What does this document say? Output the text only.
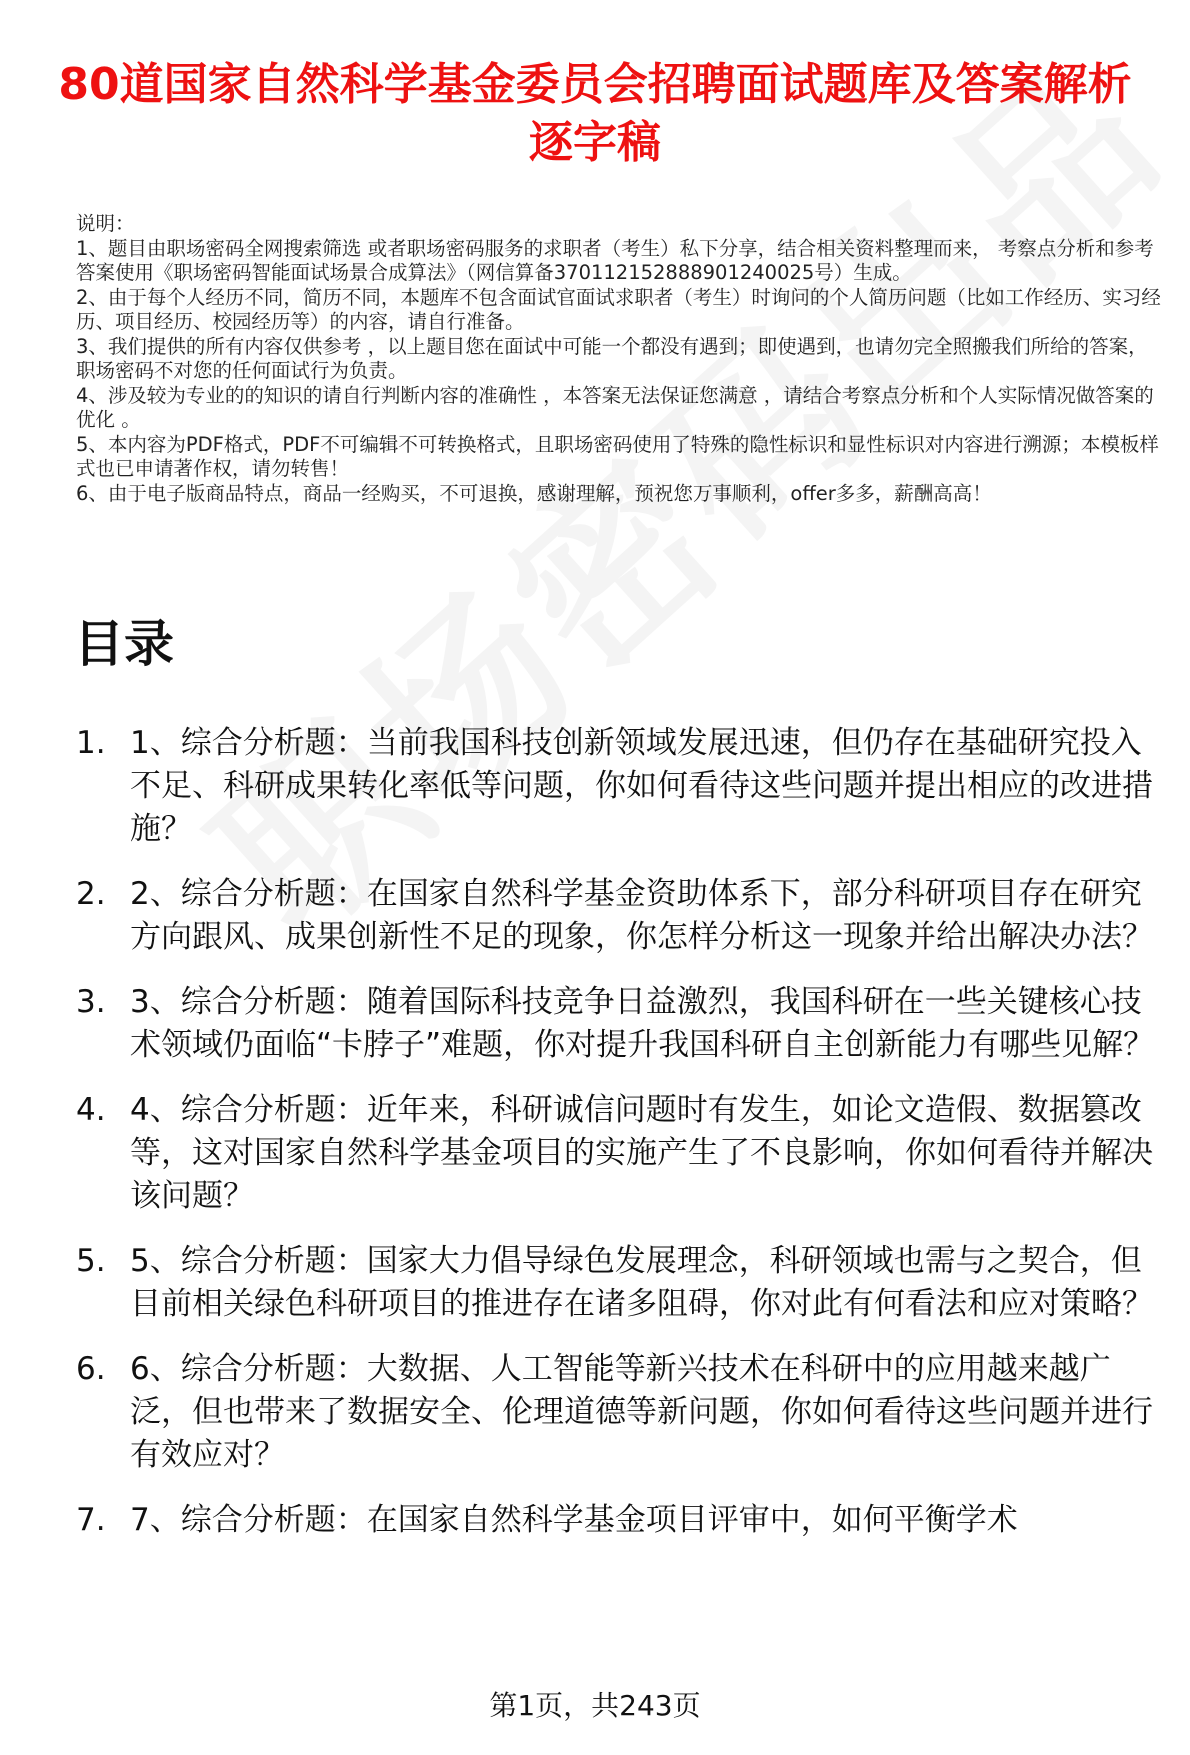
80道国家自然科学基金委员会招聘面试题库及答案解析逐字稿
说明：
1、题目由职场密码全网搜索筛选 或者职场密码服务的求职者（考生）私下分享，结合相关资料整理而来， 考察点分析和参考答案使用《职场密码智能面试场景合成算法》（网信算备370112152888901240025号）生成。
2、由于每个人经历不同，简历不同，本题库不包含面试官面试求职者（考生）时询问的个人简历问题（比如工作经历、实习经历、项目经历、校园经历等）的内容，请自行准备。
3、我们提供的所有内容仅供参考 ，以上题目您在面试中可能一个都没有遇到；即使遇到，也请勿完全照搬我们所给的答案，职场密码不对您的任何面试行为负责。
4、涉及较为专业的的知识的请自行判断内容的准确性 ，本答案无法保证您满意 ，请结合考察点分析和个人实际情况做答案的优化 。
5、本内容为PDF格式，PDF不可编辑不可转换格式，且职场密码使用了特殊的隐性标识和显性标识对内容进行溯源；本模板样式也已申请著作权，请勿转售！
6、由于电子版商品特点，商品一经购买，不可退换，感谢理解，预祝您万事顺利，offer多多，薪酬高高！
目录
1. 1、综合分析题：当前我国科技创新领域发展迅速，但仍存在基础研究投入不足、科研成果转化率低等问题，你如何看待这些问题并提出相应的改进措施？
2. 2、综合分析题：在国家自然科学基金资助体系下，部分科研项目存在研究方向跟风、成果创新性不足的现象，你怎样分析这一现象并给出解决办法？
3. 3、综合分析题：随着国际科技竞争日益激烈，我国科研在一些关键核心技术领域仍面临“卡脖子”难题，你对提升我国科研自主创新能力有哪些见解？
4. 4、综合分析题：近年来，科研诚信问题时有发生，如论文造假、数据篡改等，这对国家自然科学基金项目的实施产生了不良影响，你如何看待并解决该问题？
5. 5、综合分析题：国家大力倡导绿色发展理念，科研领域也需与之契合，但目前相关绿色科研项目的推进存在诸多阻碍，你对此有何看法和应对策略？
6. 6、综合分析题：大数据、人工智能等新兴技术在科研中的应用越来越广泛，但也带来了数据安全、伦理道德等新问题，你如何看待这些问题并进行有效应对？
7. 7、综合分析题：在国家自然科学基金项目评审中，如何平衡学术
第1页，共243页
